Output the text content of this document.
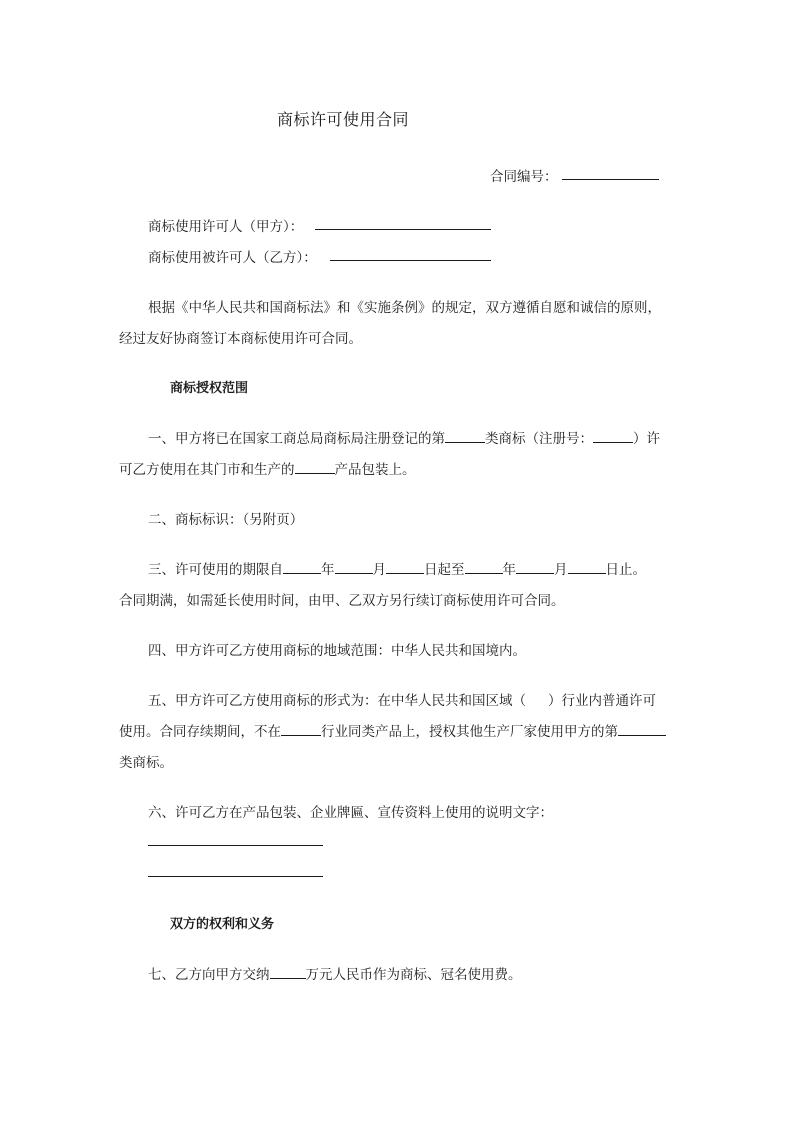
商标许可使用合同
合同编号：
商标使用许可人（甲方）：
商标使用被许可人（乙方）：
根据《中华人民共和国商标法》和《实施条例》的规定，双方遵循自愿和诚信的原则，
经过友好协商签订本商标使用许可合同。
商标授权范围
一、甲方将已在国家工商总局商标局注册登记的第	类商标（注册号：	）许
可乙方使用在其门市和生产的	产品包装上。
二、商标标识：（另附页）
三、许可使用的期限自	年	月	日起至	年	月	日止。
合同期满，如需延长使用时间，由甲、乙双方另行续订商标使用许可合同。
四、甲方许可乙方使用商标的地域范围：中华人民共和国境内。
五、甲方许可乙方使用商标的形式为：在中华人民共和国区域（ ）行业内普通许可
使用。合同存续期间，不在	行业同类产品上，授权其他生产厂家使用甲方的第
类商标。
六、许可乙方在产品包装、企业牌匾、宣传资料上使用的说明文字：
双方的权利和义务
七、乙方向甲方交纳	万元人民币作为商标、冠名使用费。
